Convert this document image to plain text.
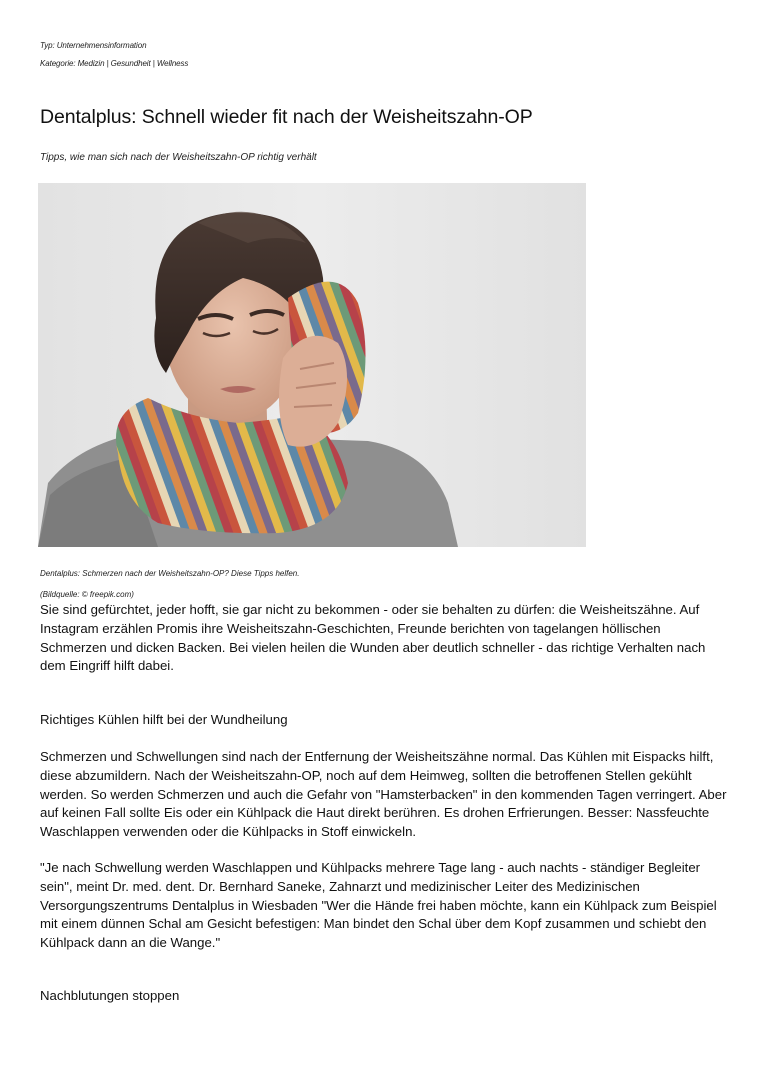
Typ: Unternehmensinformation
Kategorie: Medizin | Gesundheit | Wellness
Dentalplus: Schnell wieder fit nach der Weisheitszahn-OP
Tipps, wie man sich nach der Weisheitszahn-OP richtig verhält
Dentalplus: Schmerzen nach der Weisheitszahn-OP? Diese Tipps helfen.
(Bildquelle: © freepik.com)

Sie sind gefürchtet, jeder hofft, sie gar nicht zu bekommen - oder sie behalten zu dürfen: die Weisheitszähne. Auf Instagram erzählen Promis ihre Weisheitszahn-Geschichten, Freunde berichten von tagelangen höllischen Schmerzen und dicken Backen. Bei vielen heilen die Wunden aber deutlich schneller - das richtige Verhalten nach dem Eingriff hilft dabei.

Richtiges Kühlen hilft bei der Wundheilung

Schmerzen und Schwellungen sind nach der Entfernung der Weisheitszähne normal. Das Kühlen mit Eispacks hilft, diese abzumildern. Nach der Weisheitszahn-OP, noch auf dem Heimweg, sollten die betroffenen Stellen gekühlt werden. So werden Schmerzen und auch die Gefahr von "Hamsterbacken" in den kommenden Tagen verringert. Aber auf keinen Fall sollte Eis oder ein Kühlpack die Haut direkt berühren. Es drohen Erfrierungen. Besser: Nassfeuchte Waschlappen verwenden oder die Kühlpacks in Stoff einwickeln.

"Je nach Schwellung werden Waschlappen und Kühlpacks mehrere Tage lang - auch nachts - ständiger Begleiter sein", meint Dr. med. dent. Dr. Bernhard Saneke, Zahnarzt und medizinischer Leiter des Medizinischen Versorgungszentrums Dentalplus in Wiesbaden "Wer die Hände frei haben möchte, kann ein Kühlpack zum Beispiel mit einem dünnen Schal am Gesicht befestigen: Man bindet den Schal über dem Kopf zusammen und schiebt den Kühlpack dann an die Wange."

Nachblutungen stoppen
